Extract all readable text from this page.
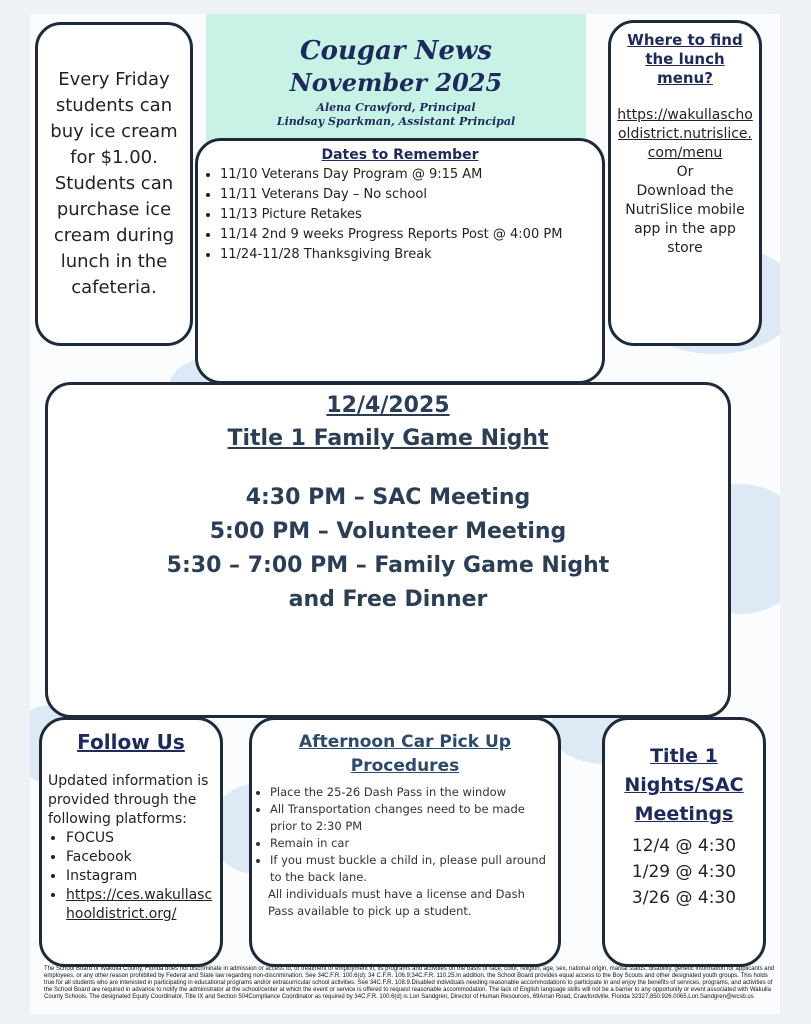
Cougar News
November 2025
Alena Crawford, Principal
Lindsay Sparkman, Assistant Principal
Every Friday students can buy ice cream for $1.00. Students can purchase ice cream during lunch in the cafeteria.
Where to find the lunch menu?
https://wakullaschooldistrict.nutrislice.com/menu
Or
Download the NutriSlice mobile app in the app store
Dates to Remember
• 11/10 Veterans Day Program @ 9:15 AM
• 11/11 Veterans Day – No school
• 11/13 Picture Retakes
• 11/14 2nd 9 weeks Progress Reports Post @ 4:00 PM
• 11/24-11/28 Thanksgiving Break
12/4/2025
Title 1 Family Game Night
4:30 PM – SAC Meeting
5:00 PM – Volunteer Meeting
5:30 – 7:00 PM – Family Game Night
and Free Dinner
Follow Us
Updated information is provided through the following platforms:
• FOCUS
• Facebook
• Instagram
• https://ces.wakullaschooldistrict.org/
Afternoon Car Pick Up Procedures
• Place the 25-26 Dash Pass in the window
• All Transportation changes need to be made prior to 2:30 PM
• Remain in car
• If you must buckle a child in, please pull around to the back lane.
All individuals must have a license and Dash Pass available to pick up a student.
Title 1 Nights/SAC Meetings
12/4 @ 4:30
1/29 @ 4:30
3/26 @ 4:30
The School Board of Wakulla County, Florida does not discriminate in admission or access to, or treatment or employment in, its programs and activities on the basis of race, color, religion, age, sex, national origin, marital status, disability, genetic information for applicants and employees, or any other reason prohibited by Federal and State law regarding non-discrimination. See 34C.F.R. 100.6(d); 34 C.F.R. 106.9;34C.F.R. 110.25.In addition, the School Board provides equal access to the Boy Scouts and other designated youth groups. This holds true for all students who are interested in participating in educational programs and/or extracurricular school activities. See 34C.F.R. 108.9.Disabled individuals needing reasonable accommodations to participate in and enjoy the benefits of services, programs, and activities of the School Board are required in advance to notify the administrator at the school/center at which the event or service is offered to request reasonable accommodation. The lack of English language skills will not be a barrier to any opportunity or event associated with Wakulla County Schools. The designated Equity Coordinator, Title IX and Section 504Compliance Coordinator as required by 34C.F.R. 100.6(d) is Lori Sandgren, Director of Human Resources, 69Arran Road, Crawfordville, Florida 32327,850.926.0065,Lori.Sandgren@wcsb.us
